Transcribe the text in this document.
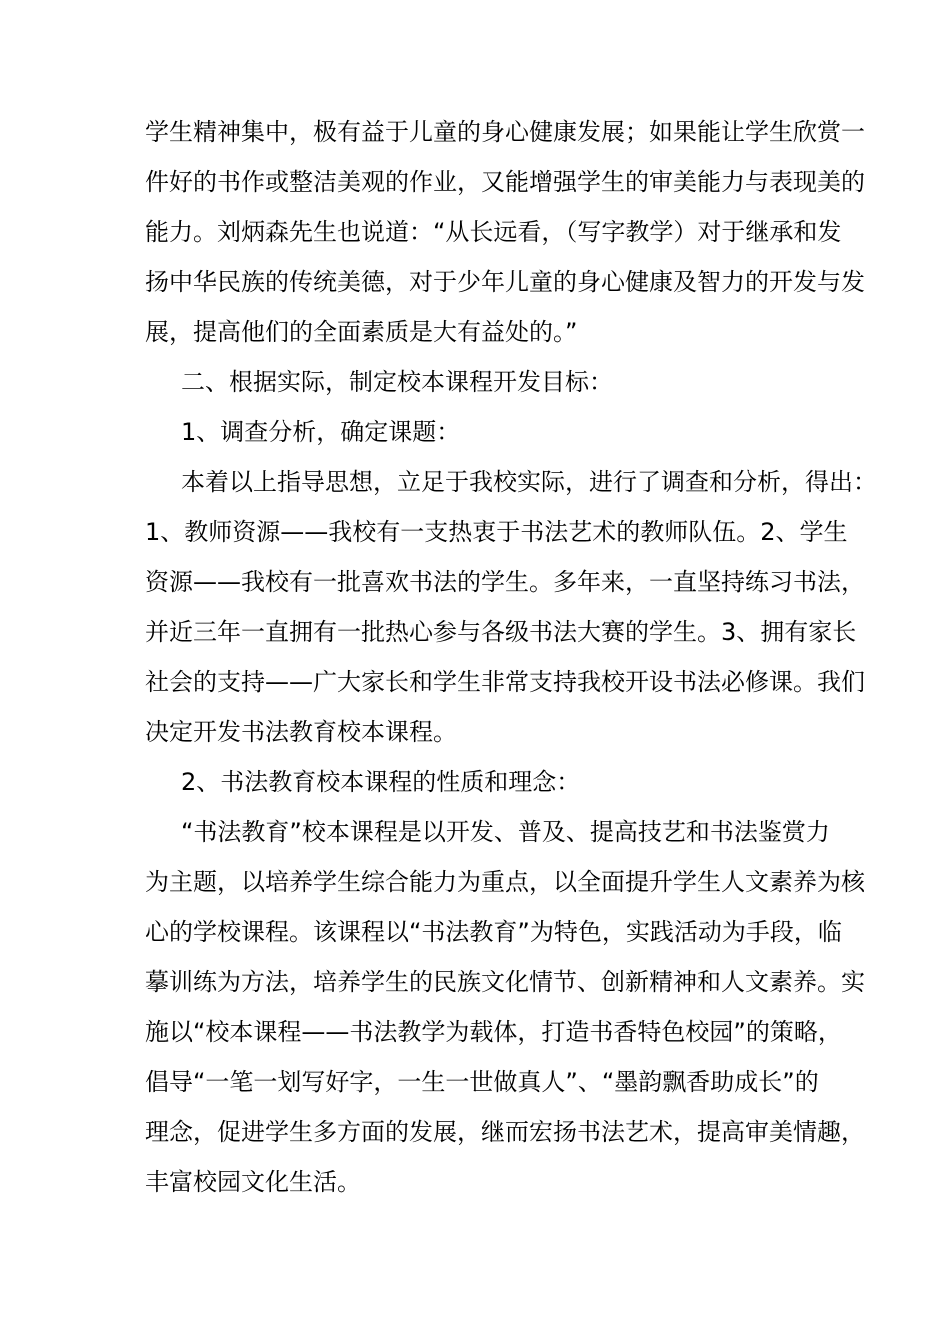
学生精神集中，极有益于儿童的身心健康发展；如果能让学生欣赏一
件好的书作或整洁美观的作业，又能增强学生的审美能力与表现美的
能力。刘炳森先生也说道：“从长远看，（写字教学）对于继承和发
扬中华民族的传统美德，对于少年儿童的身心健康及智力的开发与发
展，提高他们的全面素质是大有益处的。”
二、根据实际，制定校本课程开发目标：
1、调查分析，确定课题：
本着以上指导思想，立足于我校实际，进行了调查和分析，得出：
1、教师资源——我校有一支热衷于书法艺术的教师队伍。2、学生
资源——我校有一批喜欢书法的学生。多年来，一直坚持练习书法，
并近三年一直拥有一批热心参与各级书法大赛的学生。3、拥有家长
社会的支持——广大家长和学生非常支持我校开设书法必修课。我们
决定开发书法教育校本课程。
2、书法教育校本课程的性质和理念：
“书法教育”校本课程是以开发、普及、提高技艺和书法鉴赏力
为主题，以培养学生综合能力为重点，以全面提升学生人文素养为核
心的学校课程。该课程以“书法教育”为特色，实践活动为手段，临
摹训练为方法，培养学生的民族文化情节、创新精神和人文素养。实
施以“校本课程——书法教学为载体，打造书香特色校园”的策略，
倡导“一笔一划写好字，一生一世做真人”、“墨韵飘香助成长”的
理念，促进学生多方面的发展，继而宏扬书法艺术，提高审美情趣，
丰富校园文化生活。
